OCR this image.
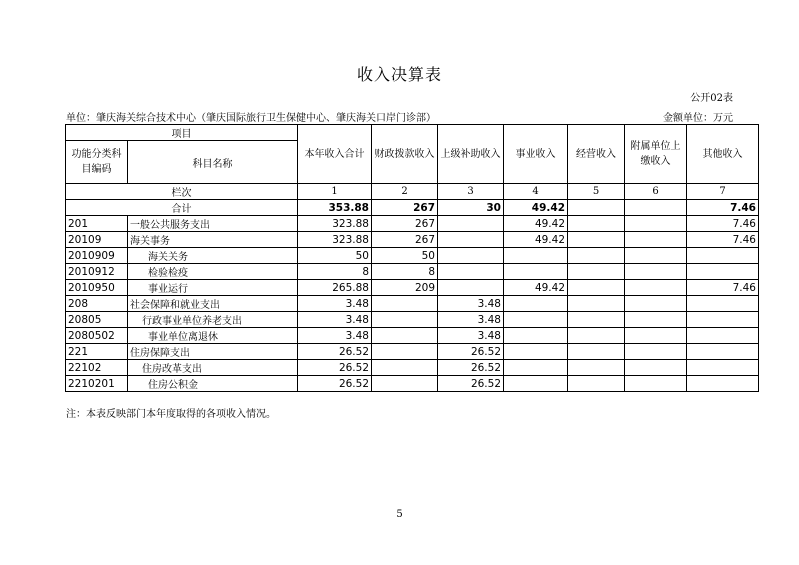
收入决算表
公开02表
单位：肇庆海关综合技术中心（肇庆国际旅行卫生保健中心、肇庆海关口岸门诊部）	金额单位：万元
项目		本年收入合计	财政拨款收入	上级补助收入	事业收入	经营收入	附属单位上缴收入	其他收入
功能分类科目编码	科目名称							
栏次		1	2	3	4	5	6	7
合计		353.88	267	30	49.42			7.46
201	一般公共服务支出	323.88	267		49.42			7.46
20109	海关事务	323.88	267		49.42			7.46
2010909	海关关务	50	50					
2010912	检验检疫	8	8					
2010950	事业运行	265.88	209		49.42			7.46
208	社会保障和就业支出	3.48		3.48				
20805	行政事业单位养老支出	3.48		3.48				
2080502	事业单位离退休	3.48		3.48				
221	住房保障支出	26.52		26.52				
22102	住房改革支出	26.52		26.52				
2210201	住房公积金	26.52		26.52				
注：本表反映部门本年度取得的各项收入情况。
5
